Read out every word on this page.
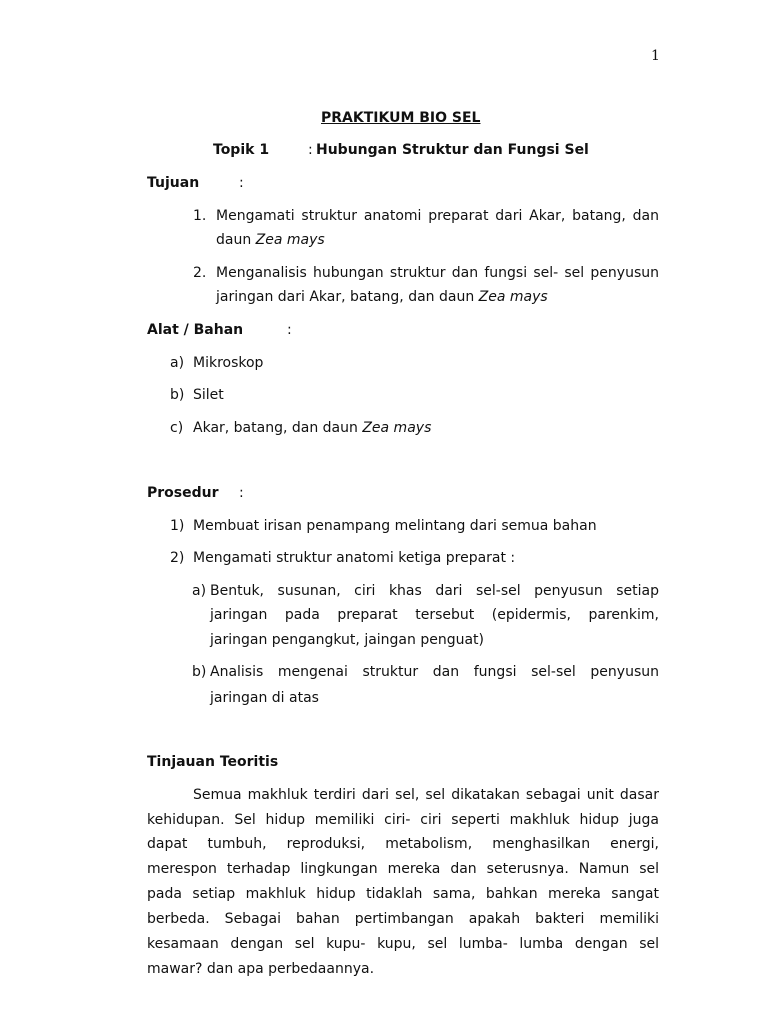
1
PRAKTIKUM BIO SEL
Topik 1	: Hubungan Struktur dan Fungsi Sel
Tujuan	:
1. Mengamati struktur anatomi preparat dari Akar, batang, dan
daun Zea mays
2. Menganalisis hubungan struktur dan fungsi sel- sel penyusun
jaringan dari Akar, batang, dan daun Zea mays
Alat / Bahan	:
a) Mikroskop
b) Silet
c) Akar, batang, dan daun Zea mays
Prosedur :
1) Membuat irisan penampang melintang dari semua bahan
2) Mengamati struktur anatomi ketiga preparat :
a) Bentuk, susunan, ciri khas dari sel-sel penyusun setiap
jaringan pada preparat tersebut (epidermis, parenkim,
jaringan pengangkut, jaingan penguat)
b) Analisis mengenai struktur dan fungsi sel-sel penyusun
jaringan di atas
Tinjauan Teoritis
Semua makhluk terdiri dari sel, sel dikatakan sebagai unit dasar
kehidupan. Sel hidup memiliki ciri- ciri seperti makhluk hidup juga
dapat tumbuh, reproduksi, metabolism, menghasilkan energi,
merespon terhadap lingkungan mereka dan seterusnya. Namun sel
pada setiap makhluk hidup tidaklah sama, bahkan mereka sangat
berbeda. Sebagai bahan pertimbangan apakah bakteri memiliki
kesamaan dengan sel kupu- kupu, sel lumba- lumba dengan sel
mawar? dan apa perbedaannya.
